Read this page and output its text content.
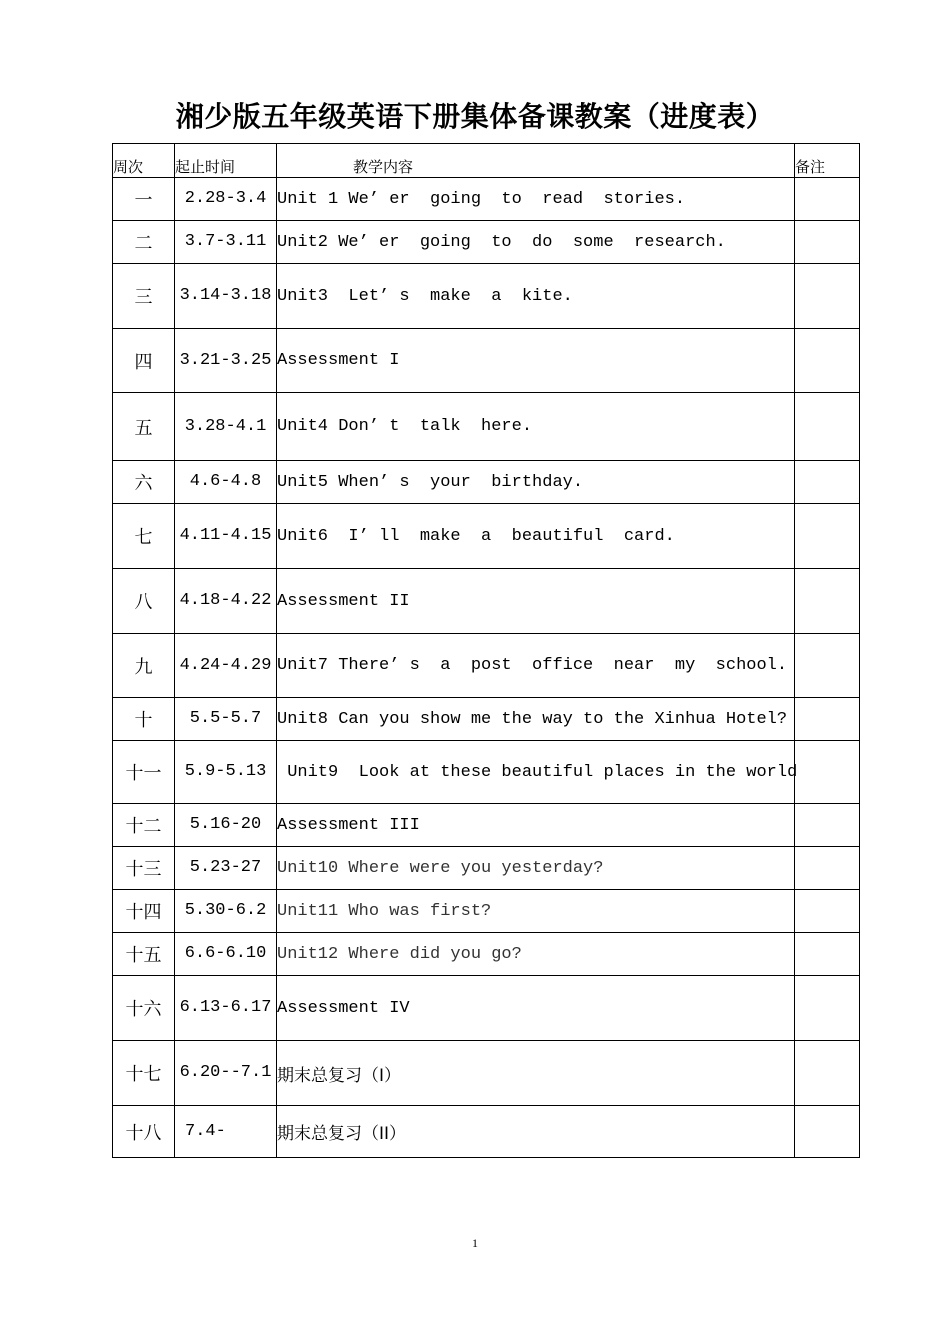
湘少版五年级英语下册集体备课教案（进度表）
周次	起止时间	教学内容	备注
一	2.28-3.4	Unit 1 We’ er  going  to  read  stories.	
二	3.7-3.11	Unit2 We’ er  going  to  do  some  research.	
三	3.14-3.18	Unit3  Let’ s  make  a  kite.	
四	3.21-3.25	Assessment I	
五	3.28-4.1	Unit4 Don’ t  talk  here.	
六	4.6-4.8	Unit5 When’ s  your  birthday.	
七	4.11-4.15	Unit6  I’ ll  make  a  beautiful  card.	
八	4.18-4.22	Assessment II	
九	4.24-4.29	Unit7 There’ s  a  post  office  near  my  school.	
十	5.5-5.7	Unit8 Can you show me the way to the Xinhua Hotel?	
十一	5.9-5.13	Unit9  Look at these beautiful places in the world	
十二	5.16-20	Assessment III	
十三	5.23-27	Unit10 Where were you yesterday?	
十四	5.30-6.2	Unit11 Who was first?	
十五	6.6-6.10	Unit12 Where did you go?	
十六	6.13-6.17	Assessment IV	
十七	6.20--7.1	期末总复习（I）	
十八	7.4-	期末总复习（II）	
1
